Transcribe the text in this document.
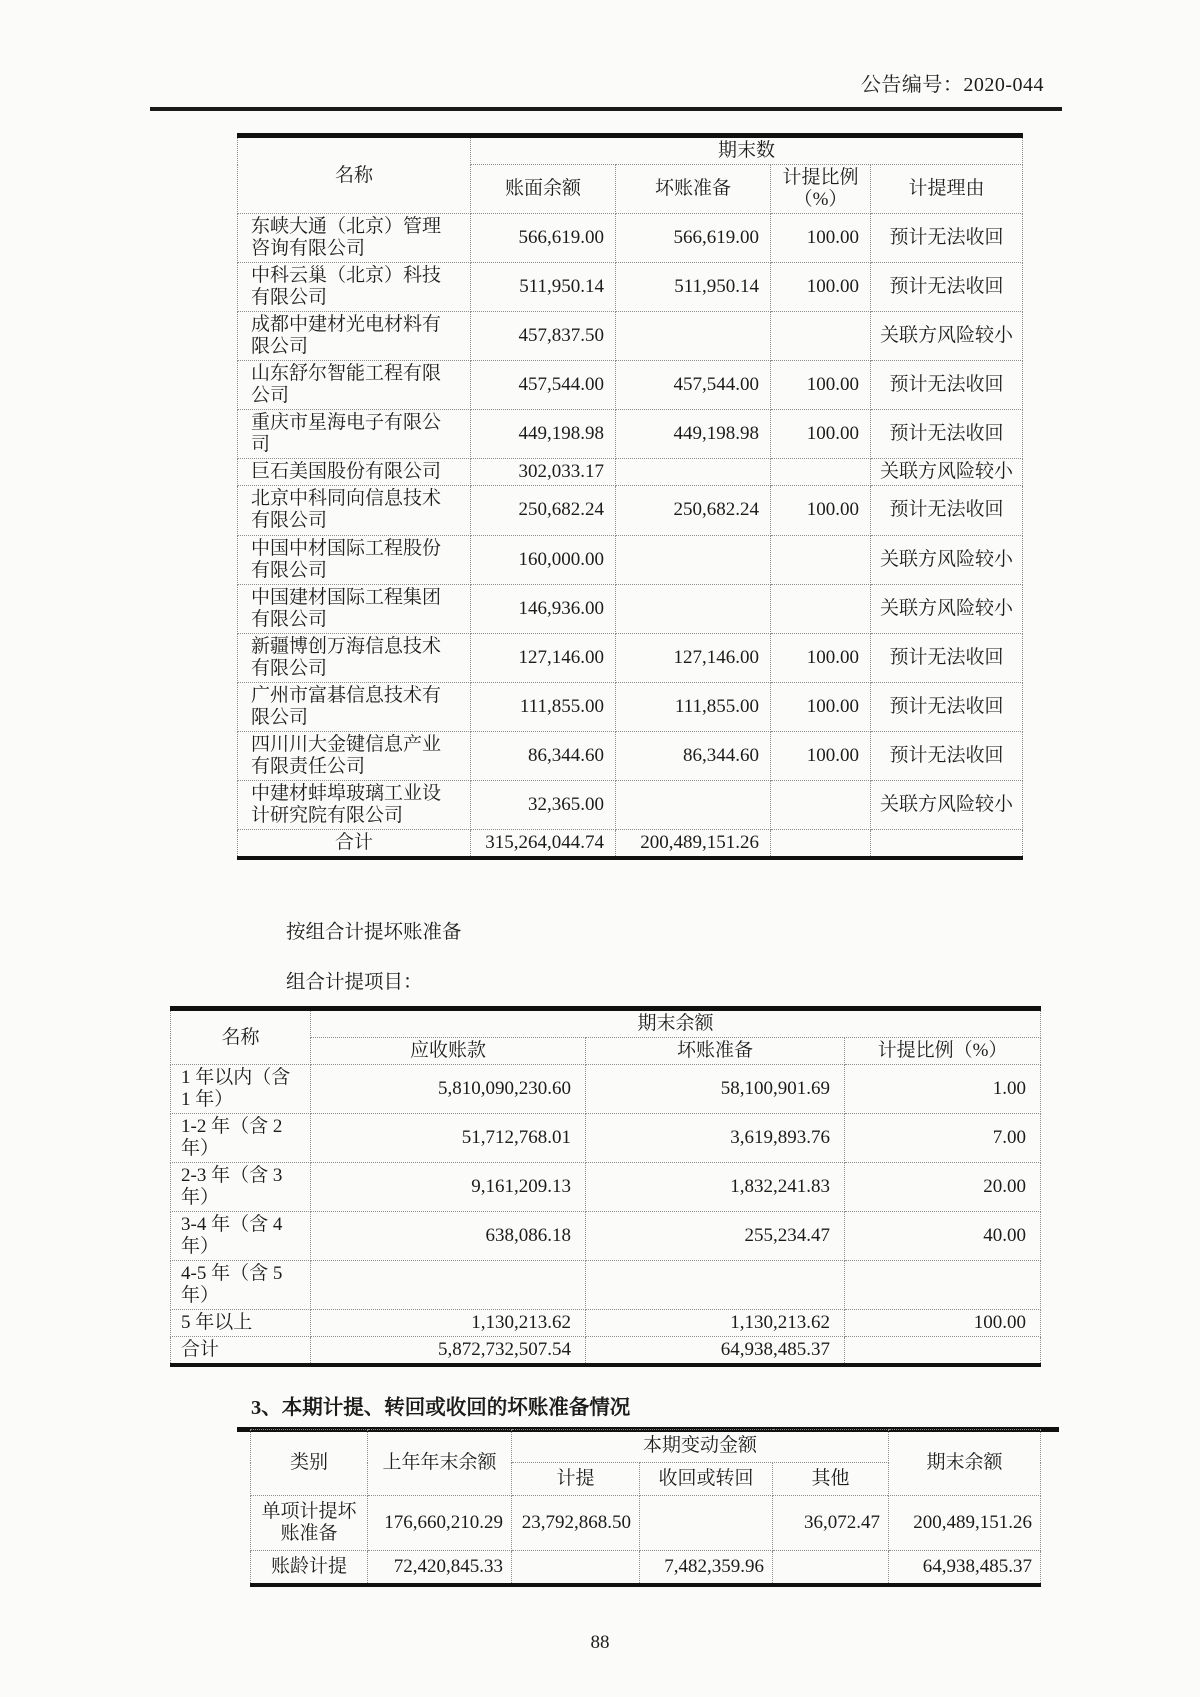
公告编号：2020-044
名称	期末数			
	账面余额	坏账准备	计提比例（%）	计提理由
东峡大通（北京）管理咨询有限公司	566,619.00	566,619.00	100.00	预计无法收回
中科云巢（北京）科技有限公司	511,950.14	511,950.14	100.00	预计无法收回
成都中建材光电材料有限公司	457,837.50			关联方风险较小
山东舒尔智能工程有限公司	457,544.00	457,544.00	100.00	预计无法收回
重庆市星海电子有限公司	449,198.98	449,198.98	100.00	预计无法收回
巨石美国股份有限公司	302,033.17			关联方风险较小
北京中科同向信息技术有限公司	250,682.24	250,682.24	100.00	预计无法收回
中国中材国际工程股份有限公司	160,000.00			关联方风险较小
中国建材国际工程集团有限公司	146,936.00			关联方风险较小
新疆博创万海信息技术有限公司	127,146.00	127,146.00	100.00	预计无法收回
广州市富碁信息技术有限公司	111,855.00	111,855.00	100.00	预计无法收回
四川川大金键信息产业有限责任公司	86,344.60	86,344.60	100.00	预计无法收回
中建材蚌埠玻璃工业设计研究院有限公司	32,365.00			关联方风险较小
合计	315,264,044.74	200,489,151.26		
按组合计提坏账准备
组合计提项目：
名称	期末余额		
	应收账款	坏账准备	计提比例（%）
1 年以内（含 1 年）	5,810,090,230.60	58,100,901.69	1.00
1-2 年（含 2 年）	51,712,768.01	3,619,893.76	7.00
2-3 年（含 3 年）	9,161,209.13	1,832,241.83	20.00
3-4 年（含 4 年）	638,086.18	255,234.47	40.00
4-5 年（含 5 年）			
5 年以上	1,130,213.62	1,130,213.62	100.00
合计	5,872,732,507.54	64,938,485.37	
3、本期计提、转回或收回的坏账准备情况
类别	上年年末余额	本期变动金额			期末余额
		计提	收回或转回	其他	
单项计提坏账准备	176,660,210.29	23,792,868.50		36,072.47	200,489,151.26
账龄计提	72,420,845.33		7,482,359.96		64,938,485.37
88
